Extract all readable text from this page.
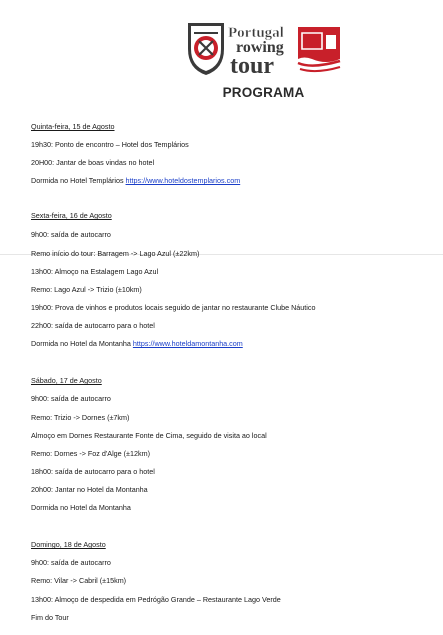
Portugal
rowing
tour
PROGRAMA
Quinta-feira, 15 de Agosto
19h30: Ponto de encontro – Hotel dos Templários
20H00: Jantar de boas vindas no hotel
Dormida no Hotel Templários https://www.hoteldostemplarios.com
Sexta-feira, 16 de Agosto
9h00: saída de autocarro
Remo início do tour: Barragem -> Lago Azul (±22km)
13h00: Almoço na Estalagem Lago Azul
Remo: Lago Azul -> Trizio (±10km)
19h00: Prova de vinhos e produtos locais seguido de jantar no restaurante Clube Náutico
22h00: saída de autocarro para o hotel
Dormida no Hotel da Montanha https://www.hoteldamontanha.com
Sábado, 17 de Agosto
9h00: saída de autocarro
Remo: Trizio -> Dornes (±7km)
Almoço em Dornes Restaurante Fonte de Cima, seguido de visita ao local
Remo: Dornes -> Foz d'Alge (±12km)
18h00: saída de autocarro para o hotel
20h00: Jantar no Hotel da Montanha
Dormida no Hotel da Montanha
Domingo, 18 de Agosto
9h00: saída de autocarro
Remo: Vilar -> Cabril (±15km)
13h00: Almoço de despedida em Pedrógão Grande – Restaurante Lago Verde
Fim do Tour
